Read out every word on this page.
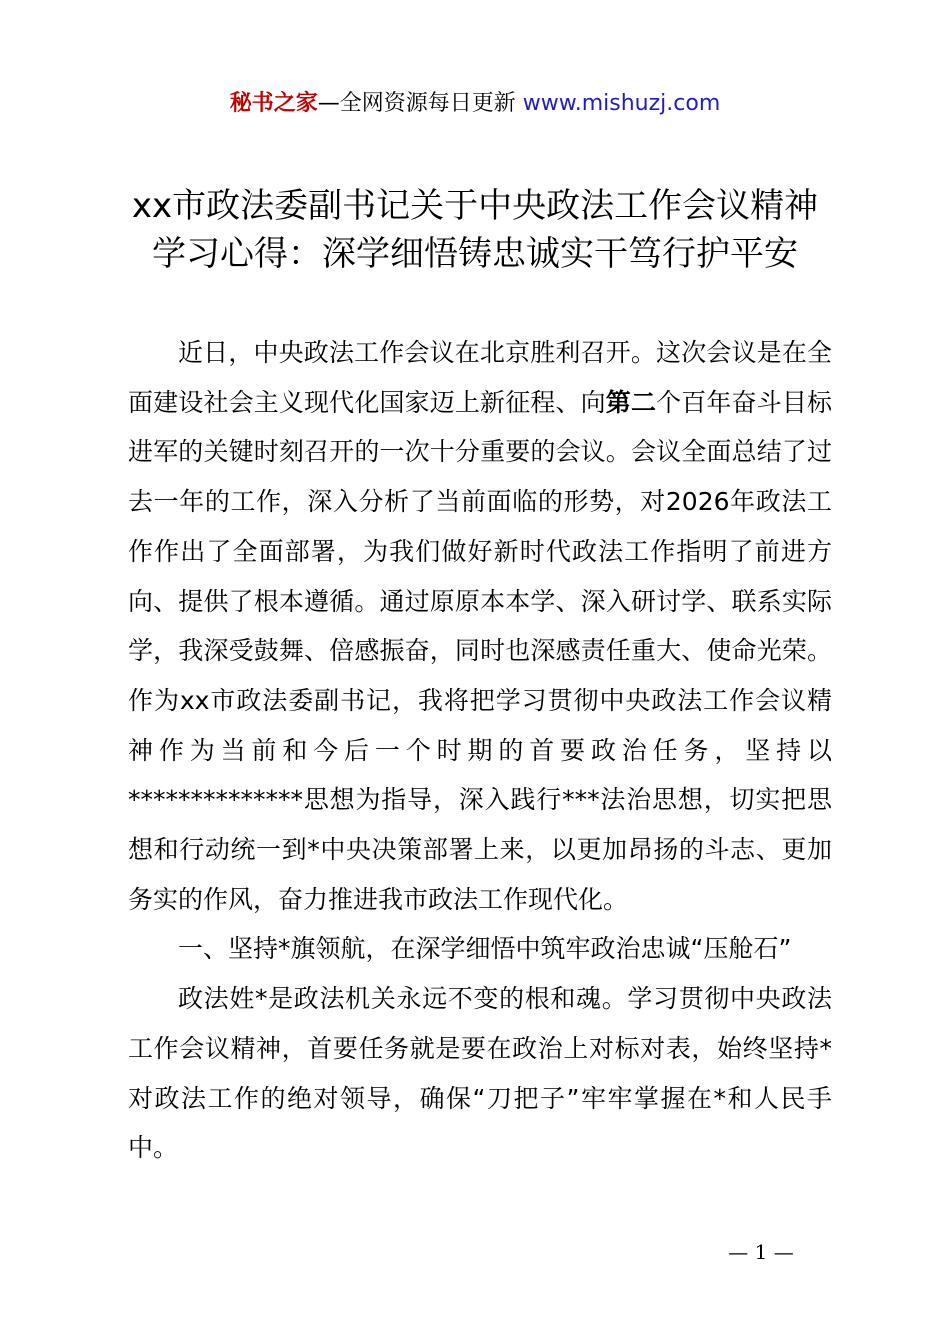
秘书之家—全网资源每日更新 www.mishuzj.com
xx市政法委副书记关于中央政法工作会议精神学习心得：深学细悟铸忠诚实干笃行护平安

近日，中央政法工作会议在北京胜利召开。这次会议是在全面建设社会主义现代化国家迈上新征程、向第二个百年奋斗目标进军的关键时刻召开的一次十分重要的会议。会议全面总结了过去一年的工作，深入分析了当前面临的形势，对2026年政法工作作出了全面部署，为我们做好新时代政法工作指明了前进方向、提供了根本遵循。通过原原本本学、深入研讨学、联系实际学，我深受鼓舞、倍感振奋，同时也深感责任重大、使命光荣。作为xx市政法委副书记，我将把学习贯彻中央政法工作会议精神作为当前和今后一个时期的首要政治任务，坚持以**************思想为指导，深入践行***法治思想，切实把思想和行动统一到*中央决策部署上来，以更加昂扬的斗志、更加务实的作风，奋力推进我市政法工作现代化。

一、坚持*旗领航，在深学细悟中筑牢政治忠诚“压舱石”

政法姓*是政法机关永远不变的根和魂。学习贯彻中央政法工作会议精神，首要任务就是要在政治上对标对表，始终坚持*对政法工作的绝对领导，确保“刀把子”牢牢掌握在*和人民手中。

— 1 —
